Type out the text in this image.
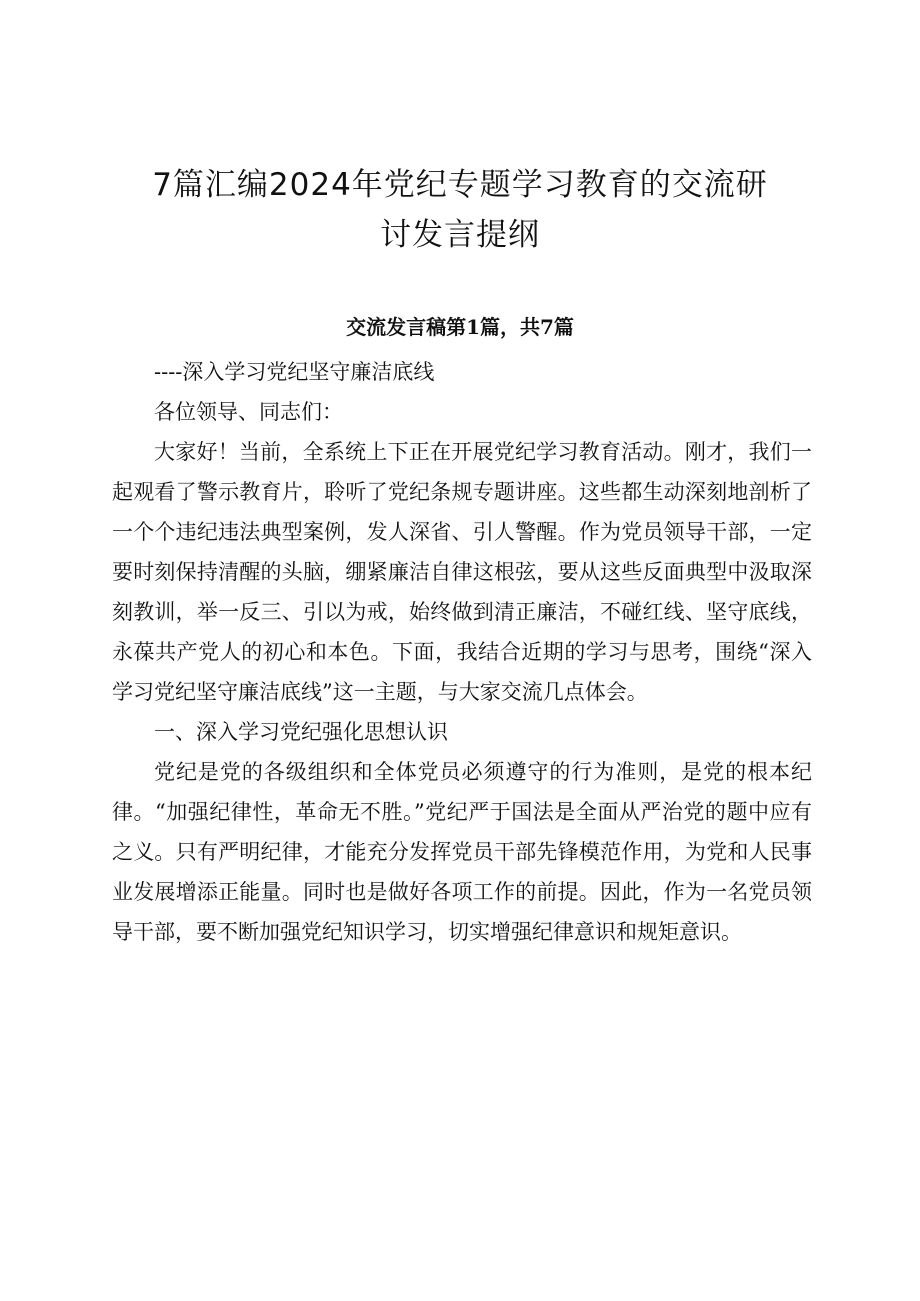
7篇汇编2024年党纪专题学习教育的交流研
讨发言提纲
交流发言稿第1篇，共7篇

----深入学习党纪坚守廉洁底线

各位领导、同志们：

大家好！当前，全系统上下正在开展党纪学习教育活动。刚才，我们一起观看了警示教育片，聆听了党纪条规专题讲座。这些都生动深刻地剖析了一个个违纪违法典型案例，发人深省、引人警醒。作为党员领导干部，一定要时刻保持清醒的头脑，绷紧廉洁自律这根弦，要从这些反面典型中汲取深刻教训，举一反三、引以为戒，始终做到清正廉洁，不碰红线、坚守底线，永葆共产党人的初心和本色。下面，我结合近期的学习与思考，围绕“深入学习党纪坚守廉洁底线”这一主题，与大家交流几点体会。

一、深入学习党纪强化思想认识

党纪是党的各级组织和全体党员必须遵守的行为准则，是党的根本纪律。“加强纪律性，革命无不胜。”党纪严于国法是全面从严治党的题中应有之义。只有严明纪律，才能充分发挥党员干部先锋模范作用，为党和人民事业发展增添正能量。同时也是做好各项工作的前提。因此，作为一名党员领导干部，要不断加强党纪知识学习，切实增强纪律意识和规矩意识。
